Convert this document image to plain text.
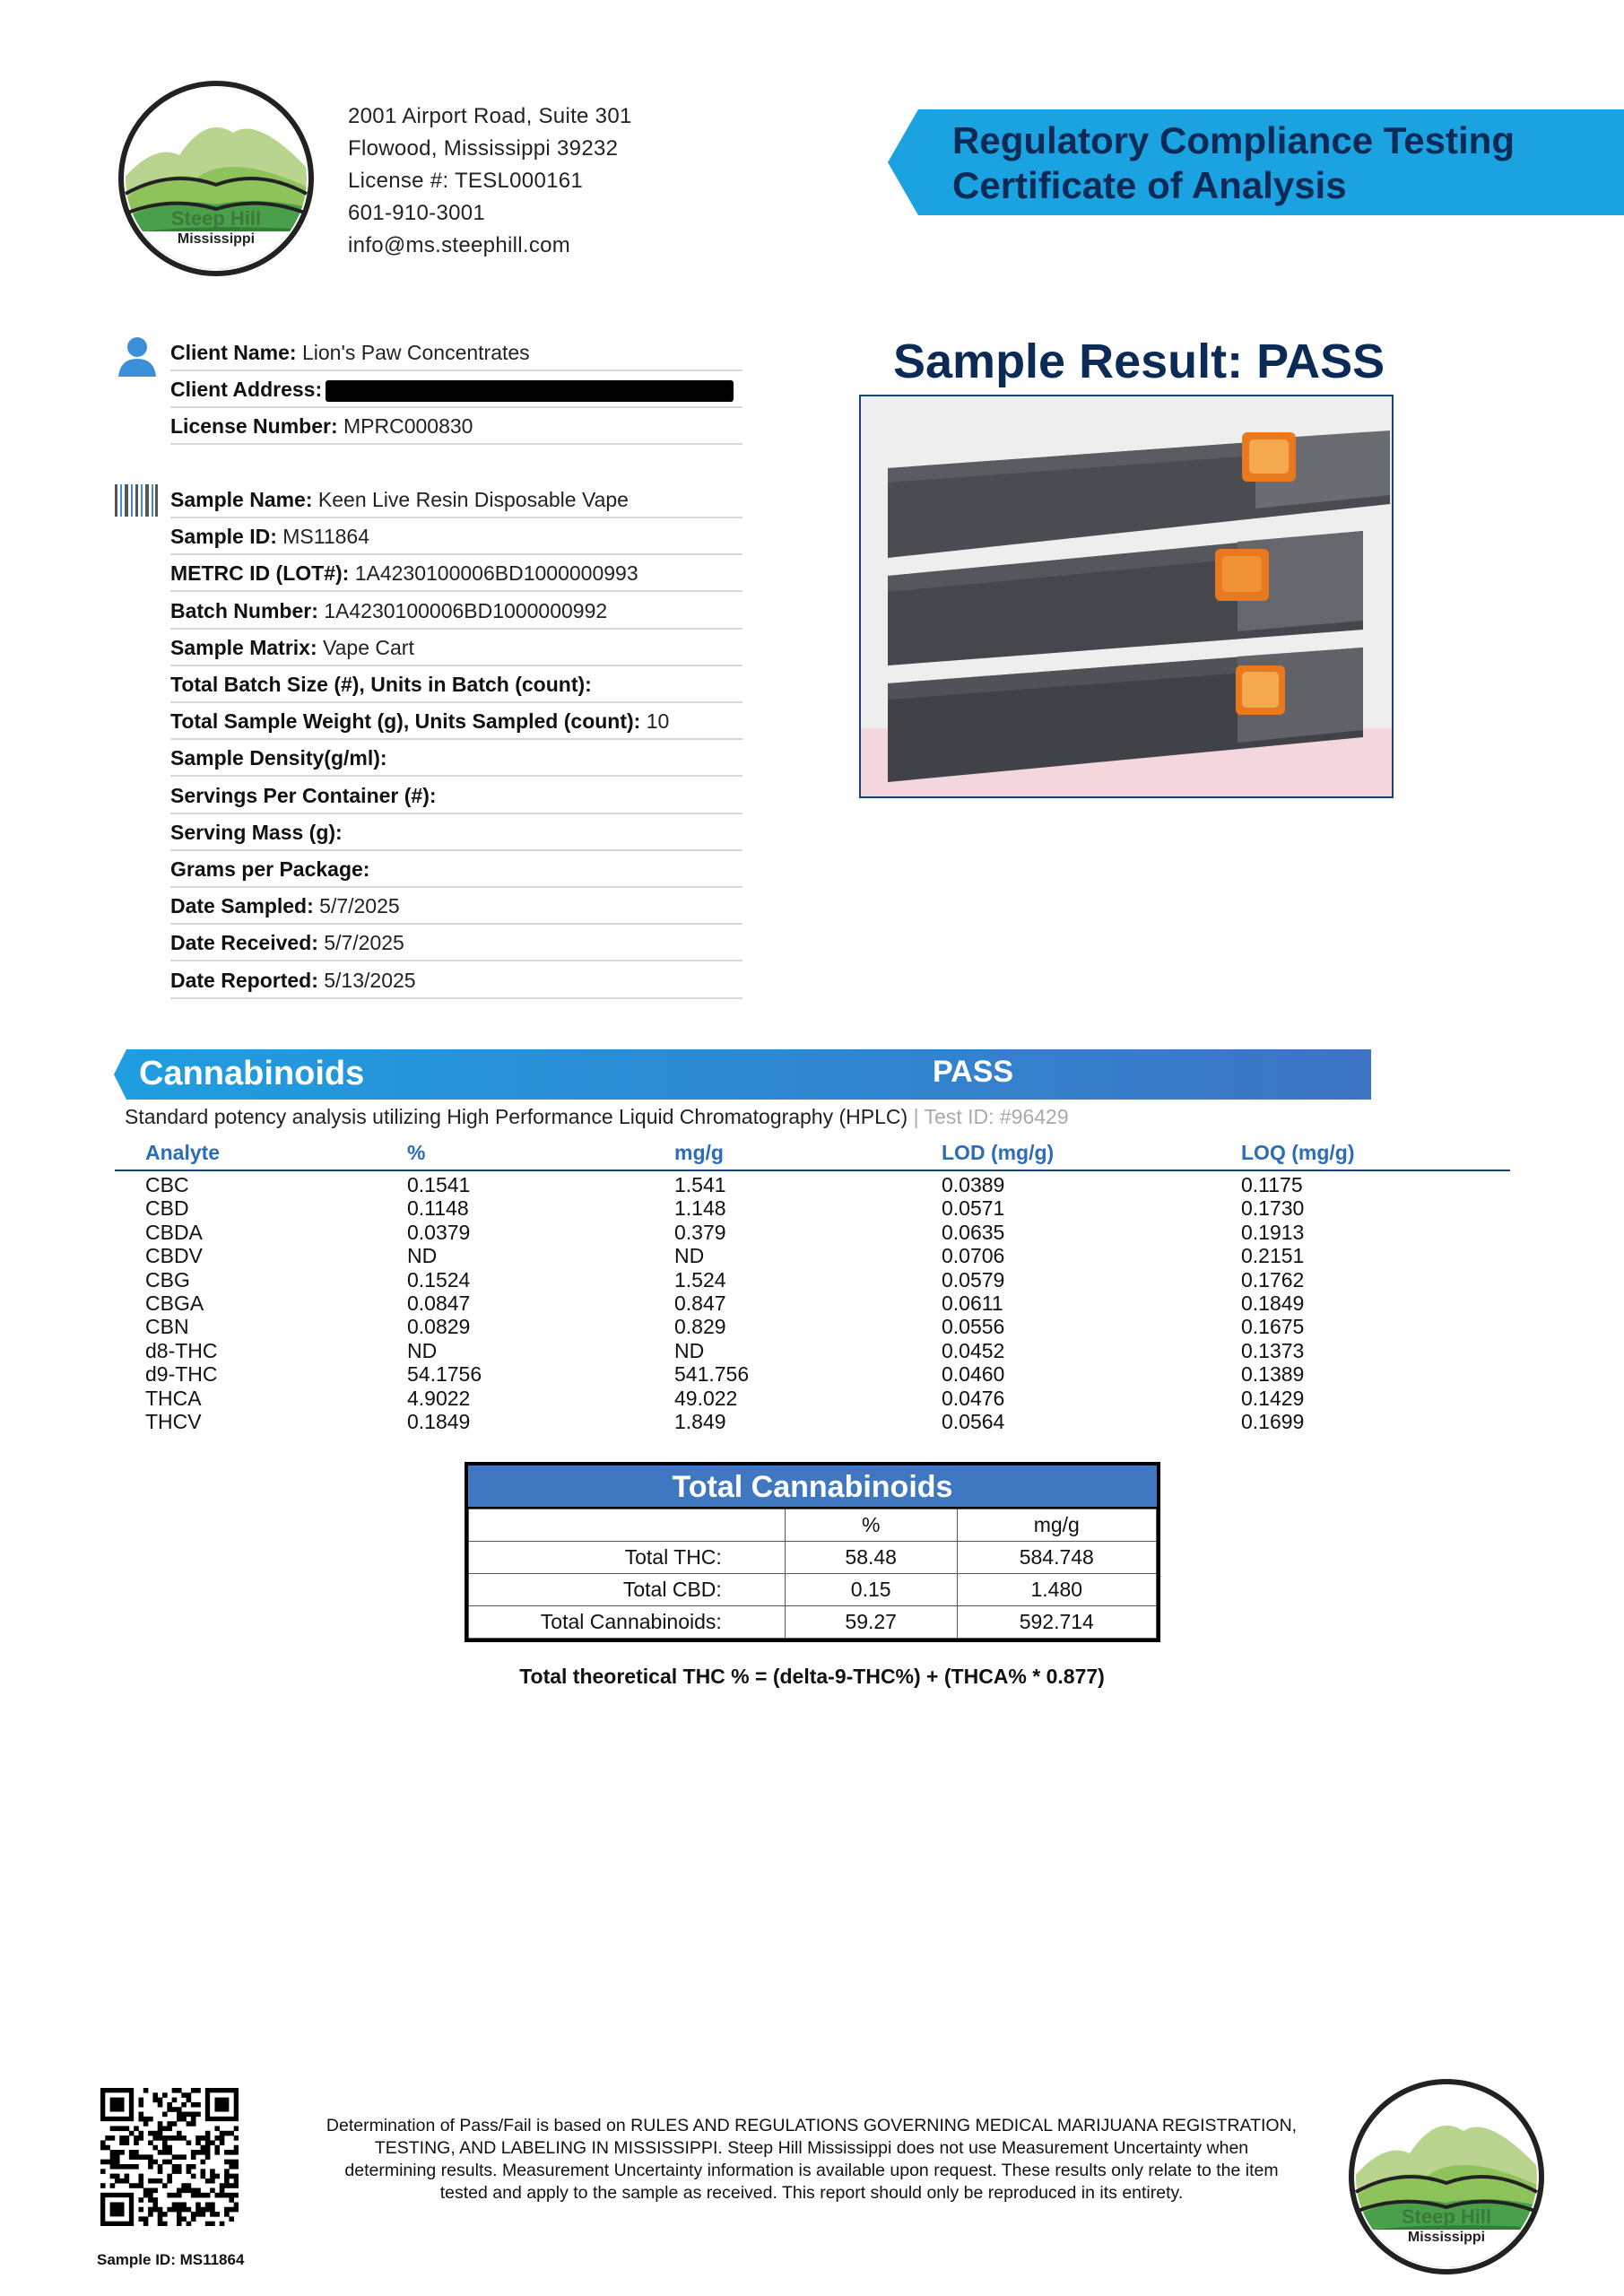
Steep Hill
Mississippi
2001 Airport Road, Suite 301
Flowood, Mississippi 39232
License #: TESL000161
601-910-3001
info@ms.steephill.com
Regulatory Compliance Testing
Certificate of Analysis
Client Name: Lion's Paw Concentrates
Client Address:
License Number: MPRC000830
Sample Name: Keen Live Resin Disposable Vape
Sample ID: MS11864
METRC ID (LOT#): 1A4230100006BD1000000993
Batch Number: 1A4230100006BD1000000992
Sample Matrix: Vape Cart
Total Batch Size (#), Units in Batch (count):
Total Sample Weight (g), Units Sampled (count): 10
Sample Density(g/ml):
Servings Per Container (#):
Serving Mass (g):
Grams per Package:
Date Sampled: 5/7/2025
Date Received: 5/7/2025
Date Reported: 5/13/2025
Sample Result: PASS
Cannabinoids	PASS
Standard potency analysis utilizing High Performance Liquid Chromatography (HPLC) | Test ID: #96429
Analyte	%	mg/g	LOD (mg/g)	LOQ (mg/g)
CBC	0.1541	1.541	0.0389	0.1175
CBD	0.1148	1.148	0.0571	0.1730
CBDA	0.0379	0.379	0.0635	0.1913
CBDV	ND	ND	0.0706	0.2151
CBG	0.1524	1.524	0.0579	0.1762
CBGA	0.0847	0.847	0.0611	0.1849
CBN	0.0829	0.829	0.0556	0.1675
d8-THC	ND	ND	0.0452	0.1373
d9-THC	54.1756	541.756	0.0460	0.1389
THCA	4.9022	49.022	0.0476	0.1429
THCV	0.1849	1.849	0.0564	0.1699
Total Cannabinoids
	%	mg/g
Total THC:	58.48	584.748
Total CBD:	0.15	1.480
Total Cannabinoids:	59.27	592.714
Total theoretical THC % = (delta-9-THC%) + (THCA% * 0.877)
Sample ID: MS11864
Determination of Pass/Fail is based on RULES AND REGULATIONS GOVERNING MEDICAL MARIJUANA REGISTRATION,
TESTING, AND LABELING IN MISSISSIPPI. Steep Hill Mississippi does not use Measurement Uncertainty when
determining results. Measurement Uncertainty information is available upon request. These results only relate to the item
tested and apply to the sample as received. This report should only be reproduced in its entirety.
Steep Hill
Mississippi
